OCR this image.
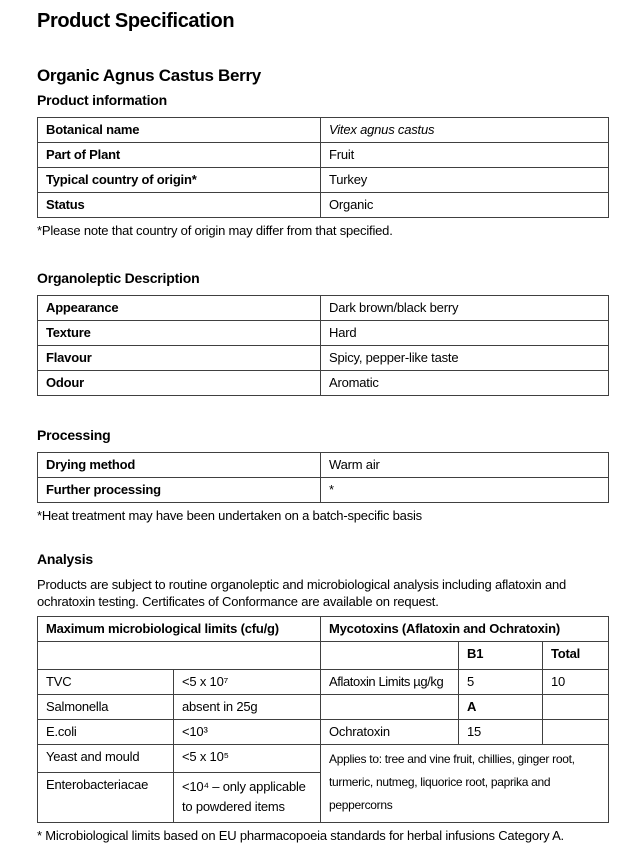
Product Specification
Organic Agnus Castus Berry
Product information
Botanical name	Vitex agnus castus
Part of Plant	Fruit
Typical country of origin*	Turkey
Status	Organic

*Please note that country of origin may differ from that specified.

Organoleptic Description
Appearance	Dark brown/black berry
Texture	Hard
Flavour	Spicy, pepper-like taste
Odour	Aromatic
Processing
Drying method	Warm air
Further processing	*

*Heat treatment may have been undertaken on a batch-specific basis

Analysis

Products are subject to routine organoleptic and microbiological analysis including aflatoxin and ochratoxin testing. Certificates of Conformance are available on request.

Maximum microbiological limits (cfu/g)		Mycotoxins (Aflatoxin and Ochratoxin)		
			B1	Total
TVC	<5 x 10⁷	Aflatoxin Limits µg/kg	5	10
Salmonella	absent in 25g		A	
E.coli	<10³	Ochratoxin	15	
Yeast and mould	<5 x 10⁵	Applies to: tree and vine fruit, chillies, ginger root, turmeric, nutmeg, liquorice root, paprika and peppercorns		
Enterobacteriacae	<10⁴ – only applicable to powdered items			

* Microbiological limits based on EU pharmacopoeia standards for herbal infusions Category A.
